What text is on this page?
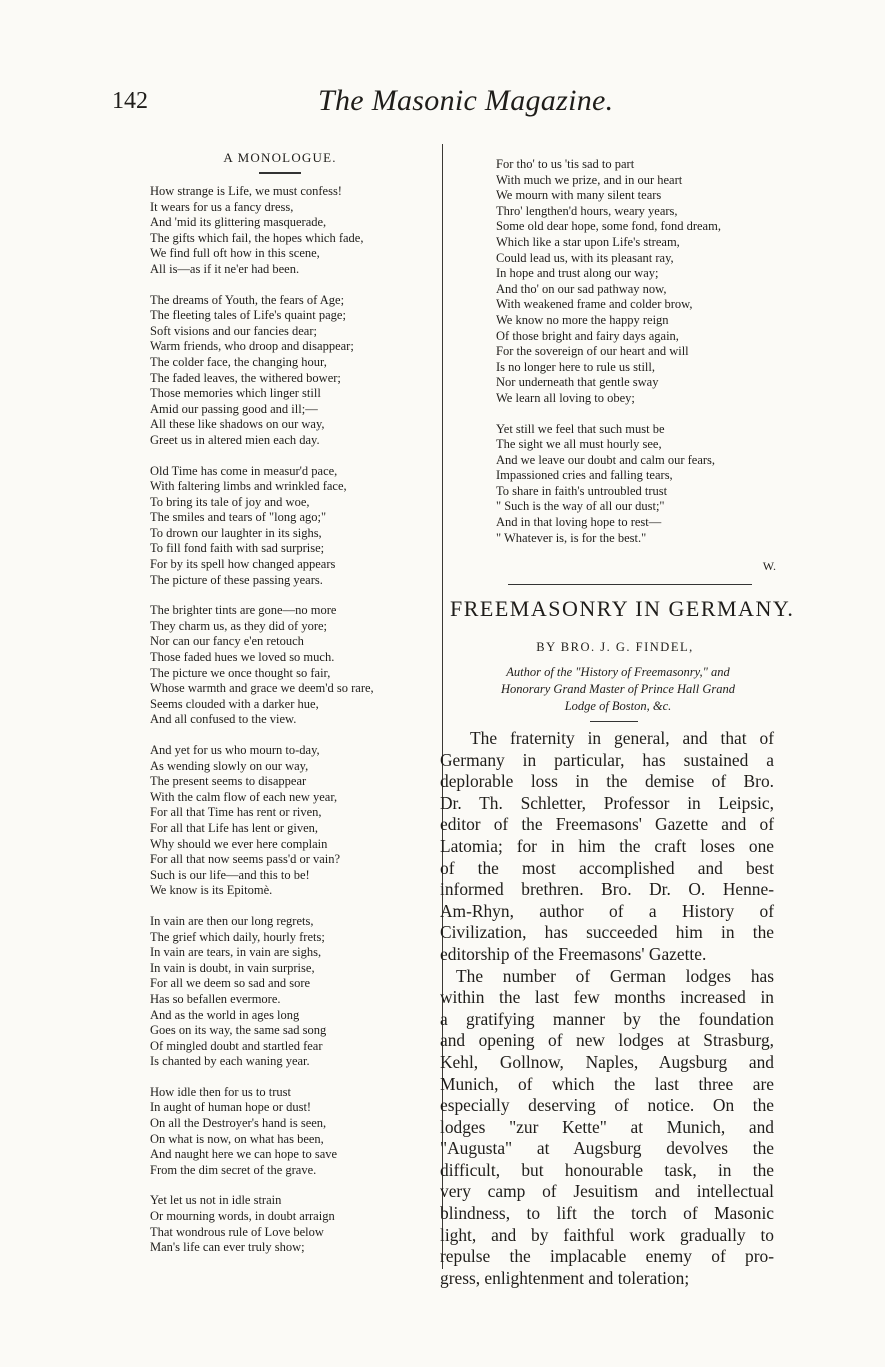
142	The Masonic Magazine.
A MONOLOGUE.
How strange is Life, we must confess!
It wears for us a fancy dress,
And 'mid its glittering masquerade,
The gifts which fail, the hopes which fade,
We find full oft how in this scene,
All is—as if it ne'er had been.
The dreams of Youth, the fears of Age;
The fleeting tales of Life's quaint page;
Soft visions and our fancies dear;
Warm friends, who droop and disappear;
The colder face, the changing hour,
The faded leaves, the withered bower;
Those memories which linger still
Amid our passing good and ill;—
All these like shadows on our way,
Greet us in altered mien each day.
Old Time has come in measur'd pace,
With faltering limbs and wrinkled face,
To bring its tale of joy and woe,
The smiles and tears of "long ago;"
To drown our laughter in its sighs,
To fill fond faith with sad surprise;
For by its spell how changed appears
The picture of these passing years.
The brighter tints are gone—no more
They charm us, as they did of yore;
Nor can our fancy e'en retouch
Those faded hues we loved so much.
The picture we once thought so fair,
Whose warmth and grace we deem'd so rare,
Seems clouded with a darker hue,
And all confused to the view.
And yet for us who mourn to-day,
As wending slowly on our way,
The present seems to disappear
With the calm flow of each new year,
For all that Time has rent or riven,
For all that Life has lent or given,
Why should we ever here complain
For all that now seems pass'd or vain?
Such is our life—and this to be!
We know is its Epitomè.
In vain are then our long regrets,
The grief which daily, hourly frets;
In vain are tears, in vain are sighs,
In vain is doubt, in vain surprise,
For all we deem so sad and sore
Has so befallen evermore.
And as the world in ages long
Goes on its way, the same sad song
Of mingled doubt and startled fear
Is chanted by each waning year.
How idle then for us to trust
In aught of human hope or dust!
On all the Destroyer's hand is seen,
On what is now, on what has been,
And naught here we can hope to save
From the dim secret of the grave.
Yet let us not in idle strain
Or mourning words, in doubt arraign
That wondrous rule of Love below
Man's life can ever truly show;
For tho' to us 'tis sad to part
With much we prize, and in our heart
We mourn with many silent tears
Thro' lengthen'd hours, weary years,
Some old dear hope, some fond, fond dream,
Which like a star upon Life's stream,
Could lead us, with its pleasant ray,
In hope and trust along our way;
And tho' on our sad pathway now,
With weakened frame and colder brow,
We know no more the happy reign
Of those bright and fairy days again,
For the sovereign of our heart and will
Is no longer here to rule us still,
Nor underneath that gentle sway
We learn all loving to obey;
Yet still we feel that such must be
The sight we all must hourly see,
And we leave our doubt and calm our fears,
Impassioned cries and falling tears,
To share in faith's untroubled trust
" Such is the way of all our dust;"
And in that loving hope to rest—
" Whatever is, is for the best."
W.
FREEMASONRY IN GERMANY.
BY BRO. J. G. FINDEL,
Author of the "History of Freemasonry," and
Honorary Grand Master of Prince Hall Grand
Lodge of Boston, &c.
The fraternity in general, and that of
Germany in particular, has sustained a
deplorable loss in the demise of Bro.
Dr. Th. Schletter, Professor in Leipsic,
editor of the Freemasons' Gazette and of
Latomia; for in him the craft loses one
of the most accomplished and best
informed brethren. Bro. Dr. O. Henne-
Am-Rhyn, author of a History of
Civilization, has succeeded him in the
editorship of the Freemasons' Gazette.
The number of German lodges has
within the last few months increased in
a gratifying manner by the foundation
and opening of new lodges at Strasburg,
Kehl, Gollnow, Naples, Augsburg and
Munich, of which the last three are
especially deserving of notice. On the
lodges "zur Kette" at Munich, and
"Augusta" at Augsburg devolves the
difficult, but honourable task, in the
very camp of Jesuitism and intellectual
blindness, to lift the torch of Masonic
light, and by faithful work gradually to
repulse the implacable enemy of pro-
gress, enlightenment and toleration;
